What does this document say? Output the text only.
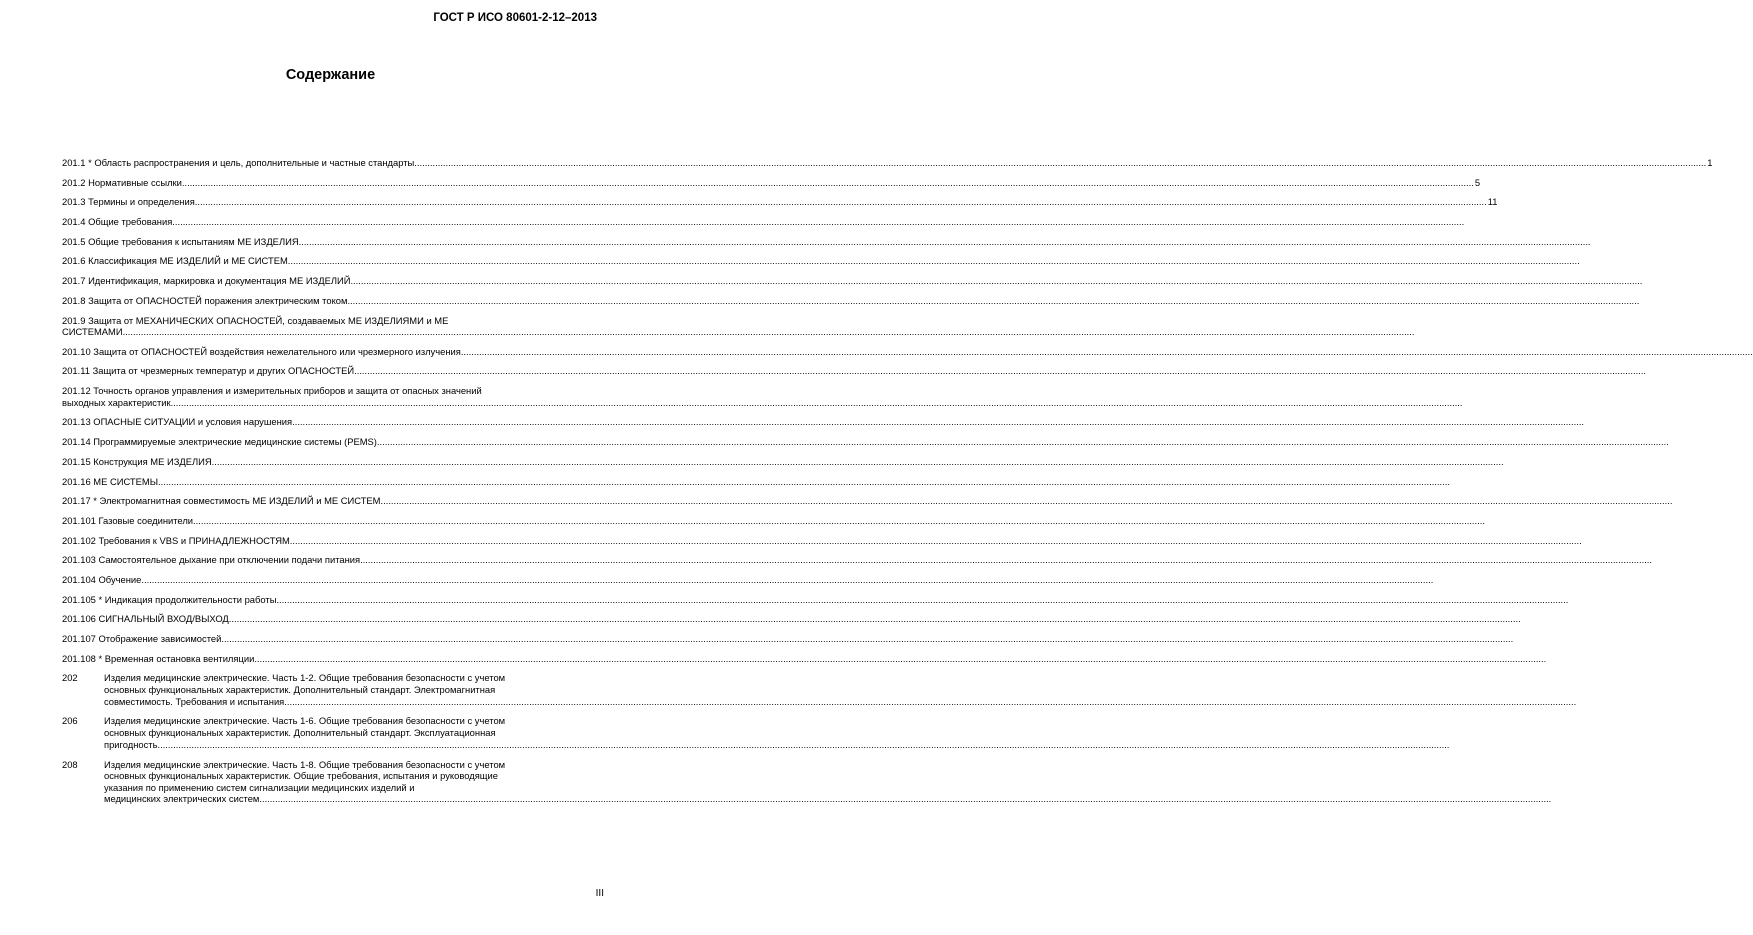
ГОСТ Р ИСО 80601-2-12–2013
Содержание
201.1 * Область распространения и цель, дополнительные и частные стандарты .....	1
201.2 Нормативные ссылки .....	5
201.3 Термины и определения .....	11
201.4 Общие требования
.....
201.5 Общие требования к испытаниям МЕ ИЗДЕЛИЯ
.....
201.6 Классификация МЕ ИЗДЕЛИЙ и МЕ СИСТЕМ
.....
201.7 Идентификация, маркировка и документация МЕ ИЗДЕЛИЙ
.....
201.8 Защита от ОПАСНОСТЕЙ поражения электрическим током
.....
201.9 Защита от МЕХАНИЧЕСКИХ ОПАСНОСТЕЙ, создаваемых МЕ ИЗДЕЛИЯМИ и МЕ
СИСТЕМАМИ
.....
201.10 Защита от ОПАСНОСТЕЙ воздействия нежелательного или чрезмерного излучения
.....
201.11 Защита от чрезмерных температур и других ОПАСНОСТЕЙ
.....
201.12 Точность органов управления и измерительных приборов и защита от опасных значений
выходных характеристик
.....
201.13 ОПАСНЫЕ СИТУАЦИИ и условия нарушения
.....
201.14 Программируемые электрические медицинские системы (PEMS)
.....
201.15 Конструкция МЕ ИЗДЕЛИЯ
.....
201.16 МЕ СИСТЕМЫ
.....
201.17 * Электромагнитная совместимость МЕ ИЗДЕЛИЙ и МЕ СИСТЕМ
.....
201.101 Газовые соединители
.....
201.102 Требования к VBS и ПРИНАДЛЕЖНОСТЯМ
.....
201.103 Самостоятельное дыхание при отключении подачи питания
.....
201.104 Обучение
.....
201.105 * Индикация продолжительности работы
.....
201.106 СИГНАЛЬНЫЙ ВХОД/ВЫХОД
.....
201.107 Отображение зависимостей
.....
201.108 * Временная остановка вентиляции
.....
202	Изделия медицинские электрические. Часть 1-2. Общие требования безопасности с учетом
основных функциональных характеристик. Дополнительный стандарт. Электромагнитная
совместимость. Требования и испытания
.....
206	Изделия медицинские электрические. Часть 1-6. Общие требования безопасности с учетом
основных функциональных характеристик. Дополнительный стандарт. Эксплуатационная
пригодность
.....
208	Изделия медицинские электрические. Часть 1-8. Общие требования безопасности с учетом
основных функциональных характеристик. Общие требования, испытания и руководящие
указания по применению систем сигнализации медицинских изделий и
медицинских электрических систем
.....
III
